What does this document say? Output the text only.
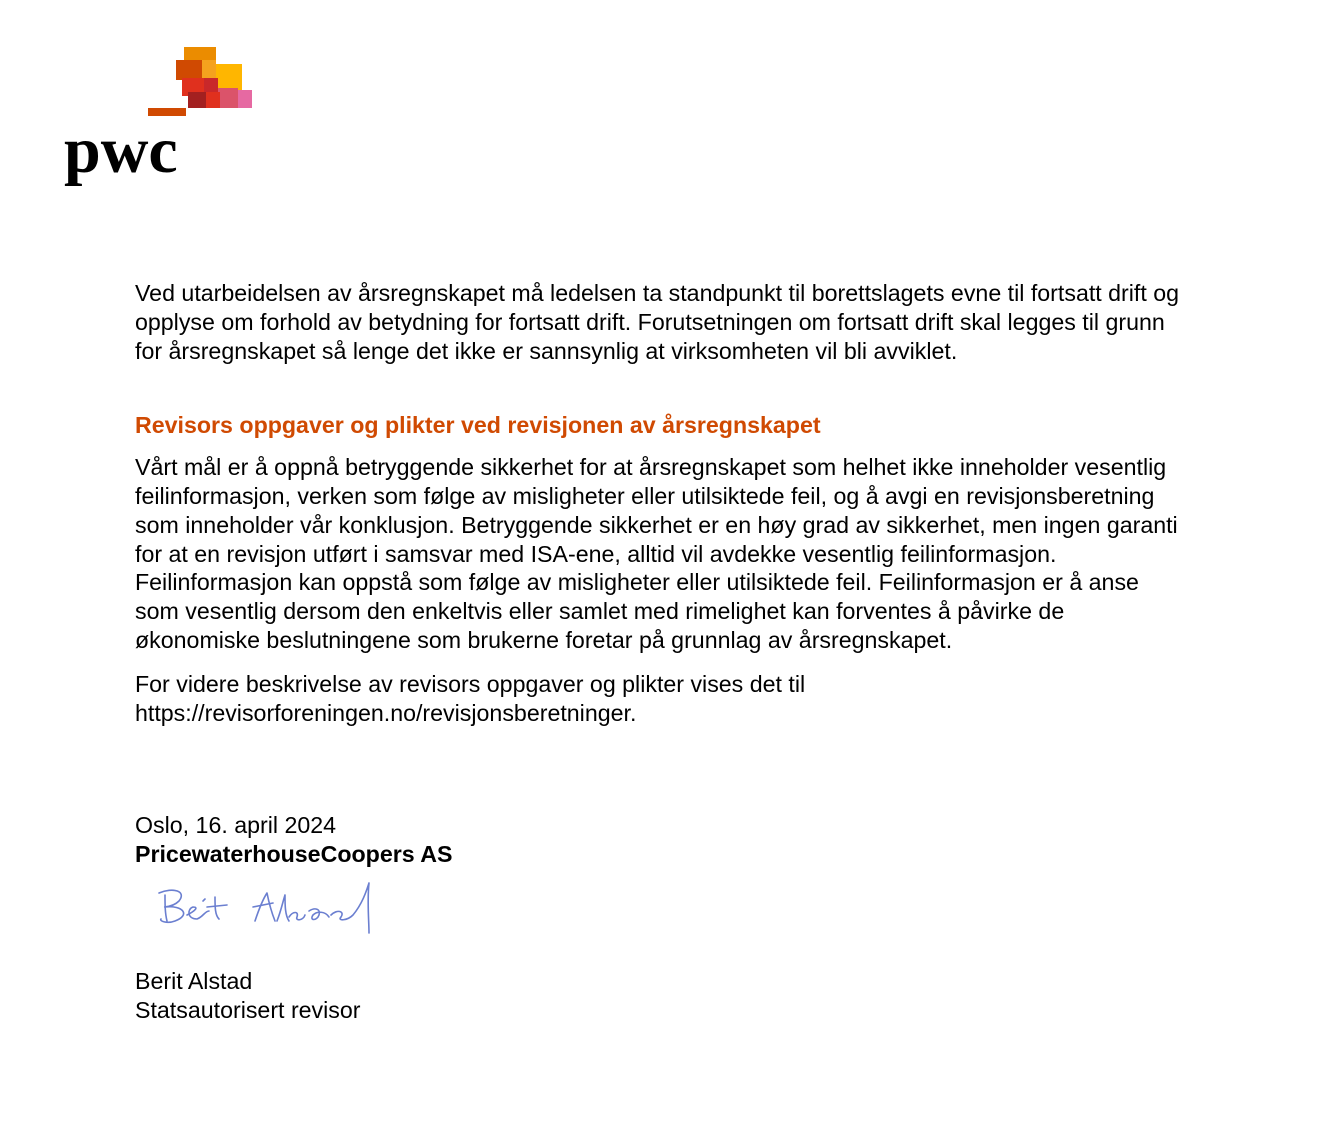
pwc

Ved utarbeidelsen av årsregnskapet må ledelsen ta standpunkt til borettslagets evne til fortsatt drift og
opplyse om forhold av betydning for fortsatt drift. Forutsetningen om fortsatt drift skal legges til grunn
for årsregnskapet så lenge det ikke er sannsynlig at virksomheten vil bli avviklet.

Revisors oppgaver og plikter ved revisjonen av årsregnskapet

Vårt mål er å oppnå betryggende sikkerhet for at årsregnskapet som helhet ikke inneholder vesentlig
feilinformasjon, verken som følge av misligheter eller utilsiktede feil, og å avgi en revisjonsberetning
som inneholder vår konklusjon. Betryggende sikkerhet er en høy grad av sikkerhet, men ingen garanti
for at en revisjon utført i samsvar med ISA-ene, alltid vil avdekke vesentlig feilinformasjon.
Feilinformasjon kan oppstå som følge av misligheter eller utilsiktede feil. Feilinformasjon er å anse
som vesentlig dersom den enkeltvis eller samlet med rimelighet kan forventes å påvirke de
økonomiske beslutningene som brukerne foretar på grunnlag av årsregnskapet.

For videre beskrivelse av revisors oppgaver og plikter vises det til
https://revisorforeningen.no/revisjonsberetninger.

Oslo, 16. april 2024

PricewaterhouseCoopers AS

Berit Alstad

Berit Alstad

Statsautorisert revisor
